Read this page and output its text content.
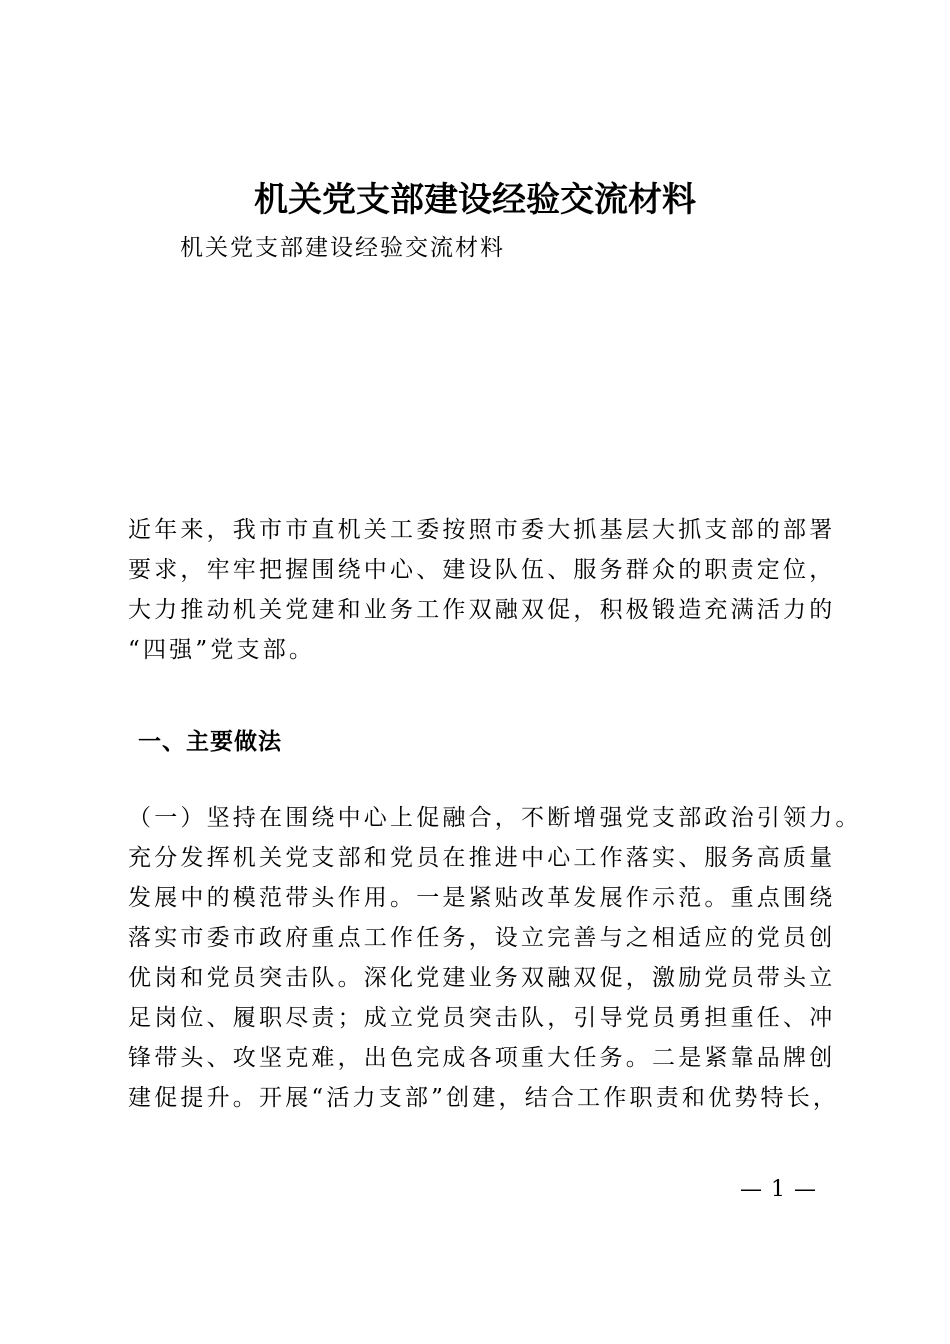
机关党支部建设经验交流材料
机关党支部建设经验交流材料
近年来，我市市直机关工委按照市委大抓基层大抓支部的部署
要求，牢牢把握围绕中心、建设队伍、服务群众的职责定位，
大力推动机关党建和业务工作双融双促，积极锻造充满活力的
“四强”党支部。
一、主要做法
（一）坚持在围绕中心上促融合，不断增强党支部政治引领力。
充分发挥机关党支部和党员在推进中心工作落实、服务高质量
发展中的模范带头作用。一是紧贴改革发展作示范。重点围绕
落实市委市政府重点工作任务，设立完善与之相适应的党员创
优岗和党员突击队。深化党建业务双融双促，激励党员带头立
足岗位、履职尽责；成立党员突击队，引导党员勇担重任、冲
锋带头、攻坚克难，出色完成各项重大任务。二是紧靠品牌创
建促提升。开展“活力支部”创建，结合工作职责和优势特长，
— 1 —
